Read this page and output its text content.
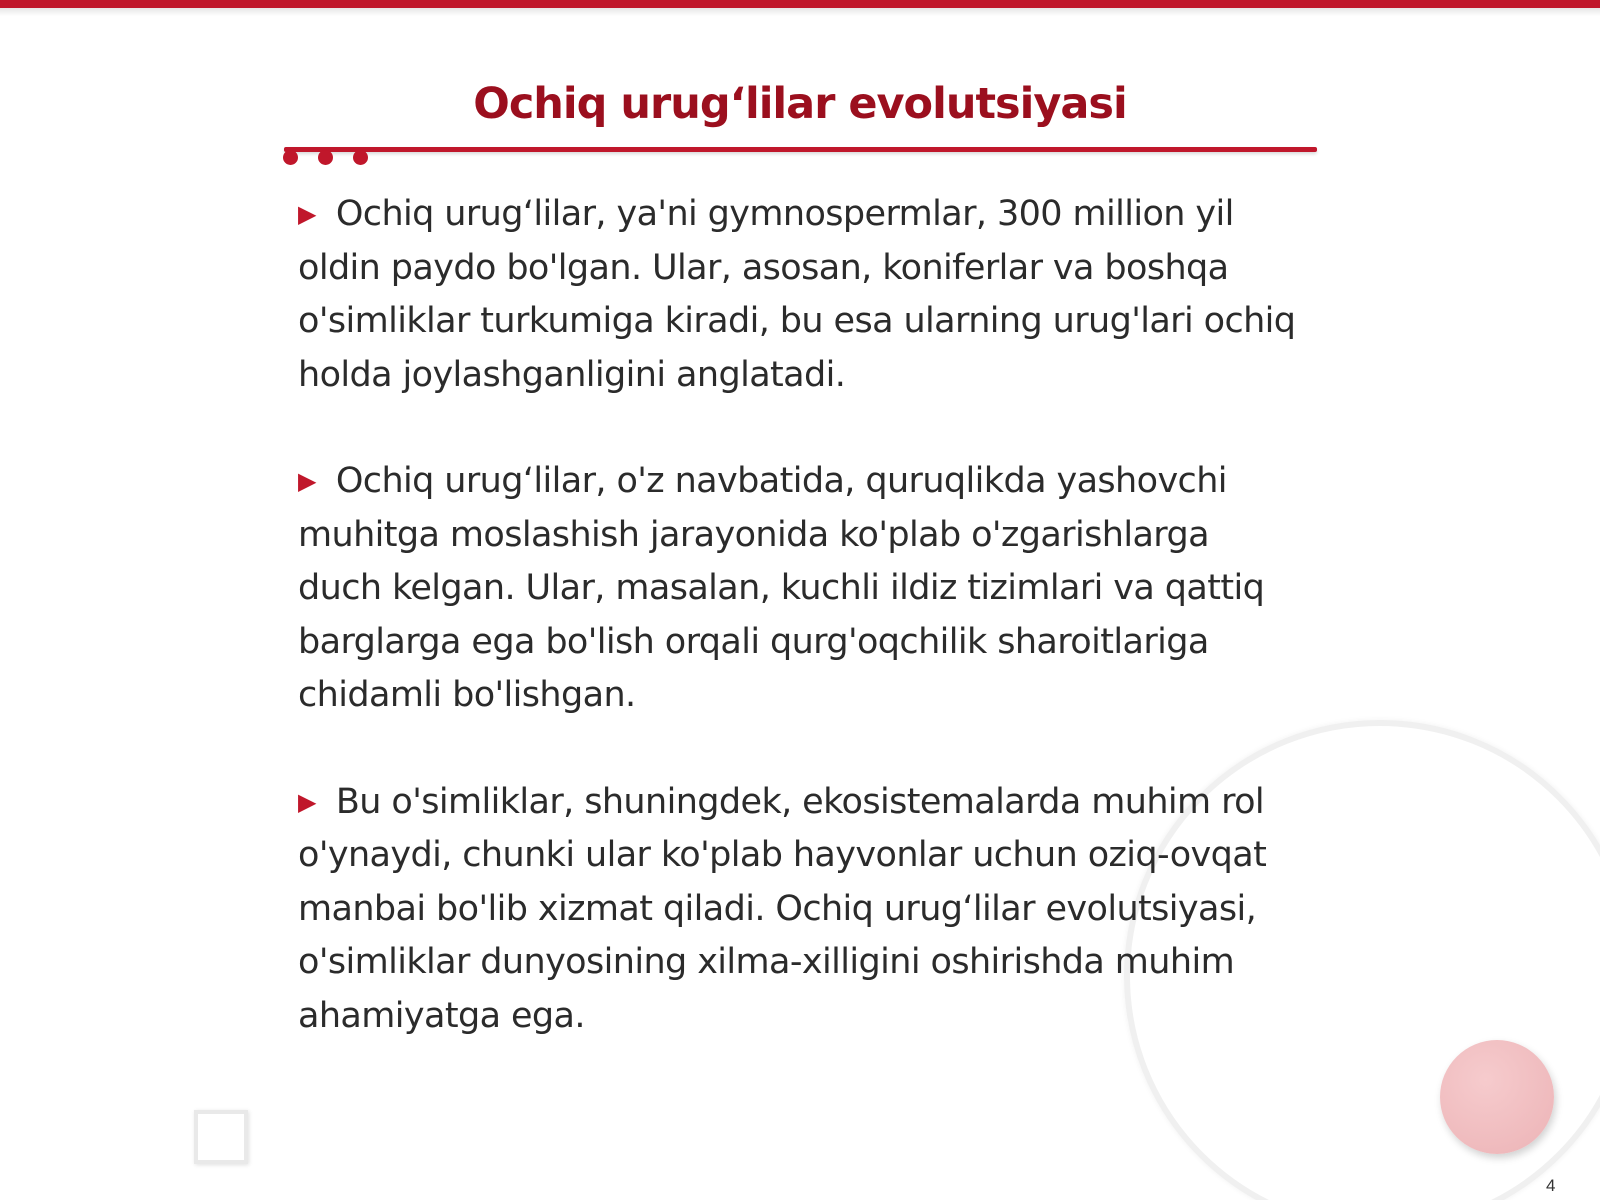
Ochiq urug‘lilar evolutsiyasi

▶ Ochiq urug‘lilar, ya'ni gymnospermlar, 300 million yil oldin paydo bo'lgan. Ular, asosan, koniferlar va boshqa o'simliklar turkumiga kiradi, bu esa ularning urug'lari ochiq holda joylashganligini anglatadi.

▶ Ochiq urug‘lilar, o'z navbatida, quruqlikda yashovchi muhitga moslashish jarayonida ko'plab o'zgarishlarga duch kelgan. Ular, masalan, kuchli ildiz tizimlari va qattiq barglarga ega bo'lish orqali qurg'oqchilik sharoitlariga chidamli bo'lishgan.

▶ Bu o'simliklar, shuningdek, ekosistemalarda muhim rol o'ynaydi, chunki ular ko'plab hayvonlar uchun oziq-ovqat manbai bo'lib xizmat qiladi. Ochiq urug‘lilar evolutsiyasi, o'simliklar dunyosining xilma-xilligini oshirishda muhim ahamiyatga ega.

4
